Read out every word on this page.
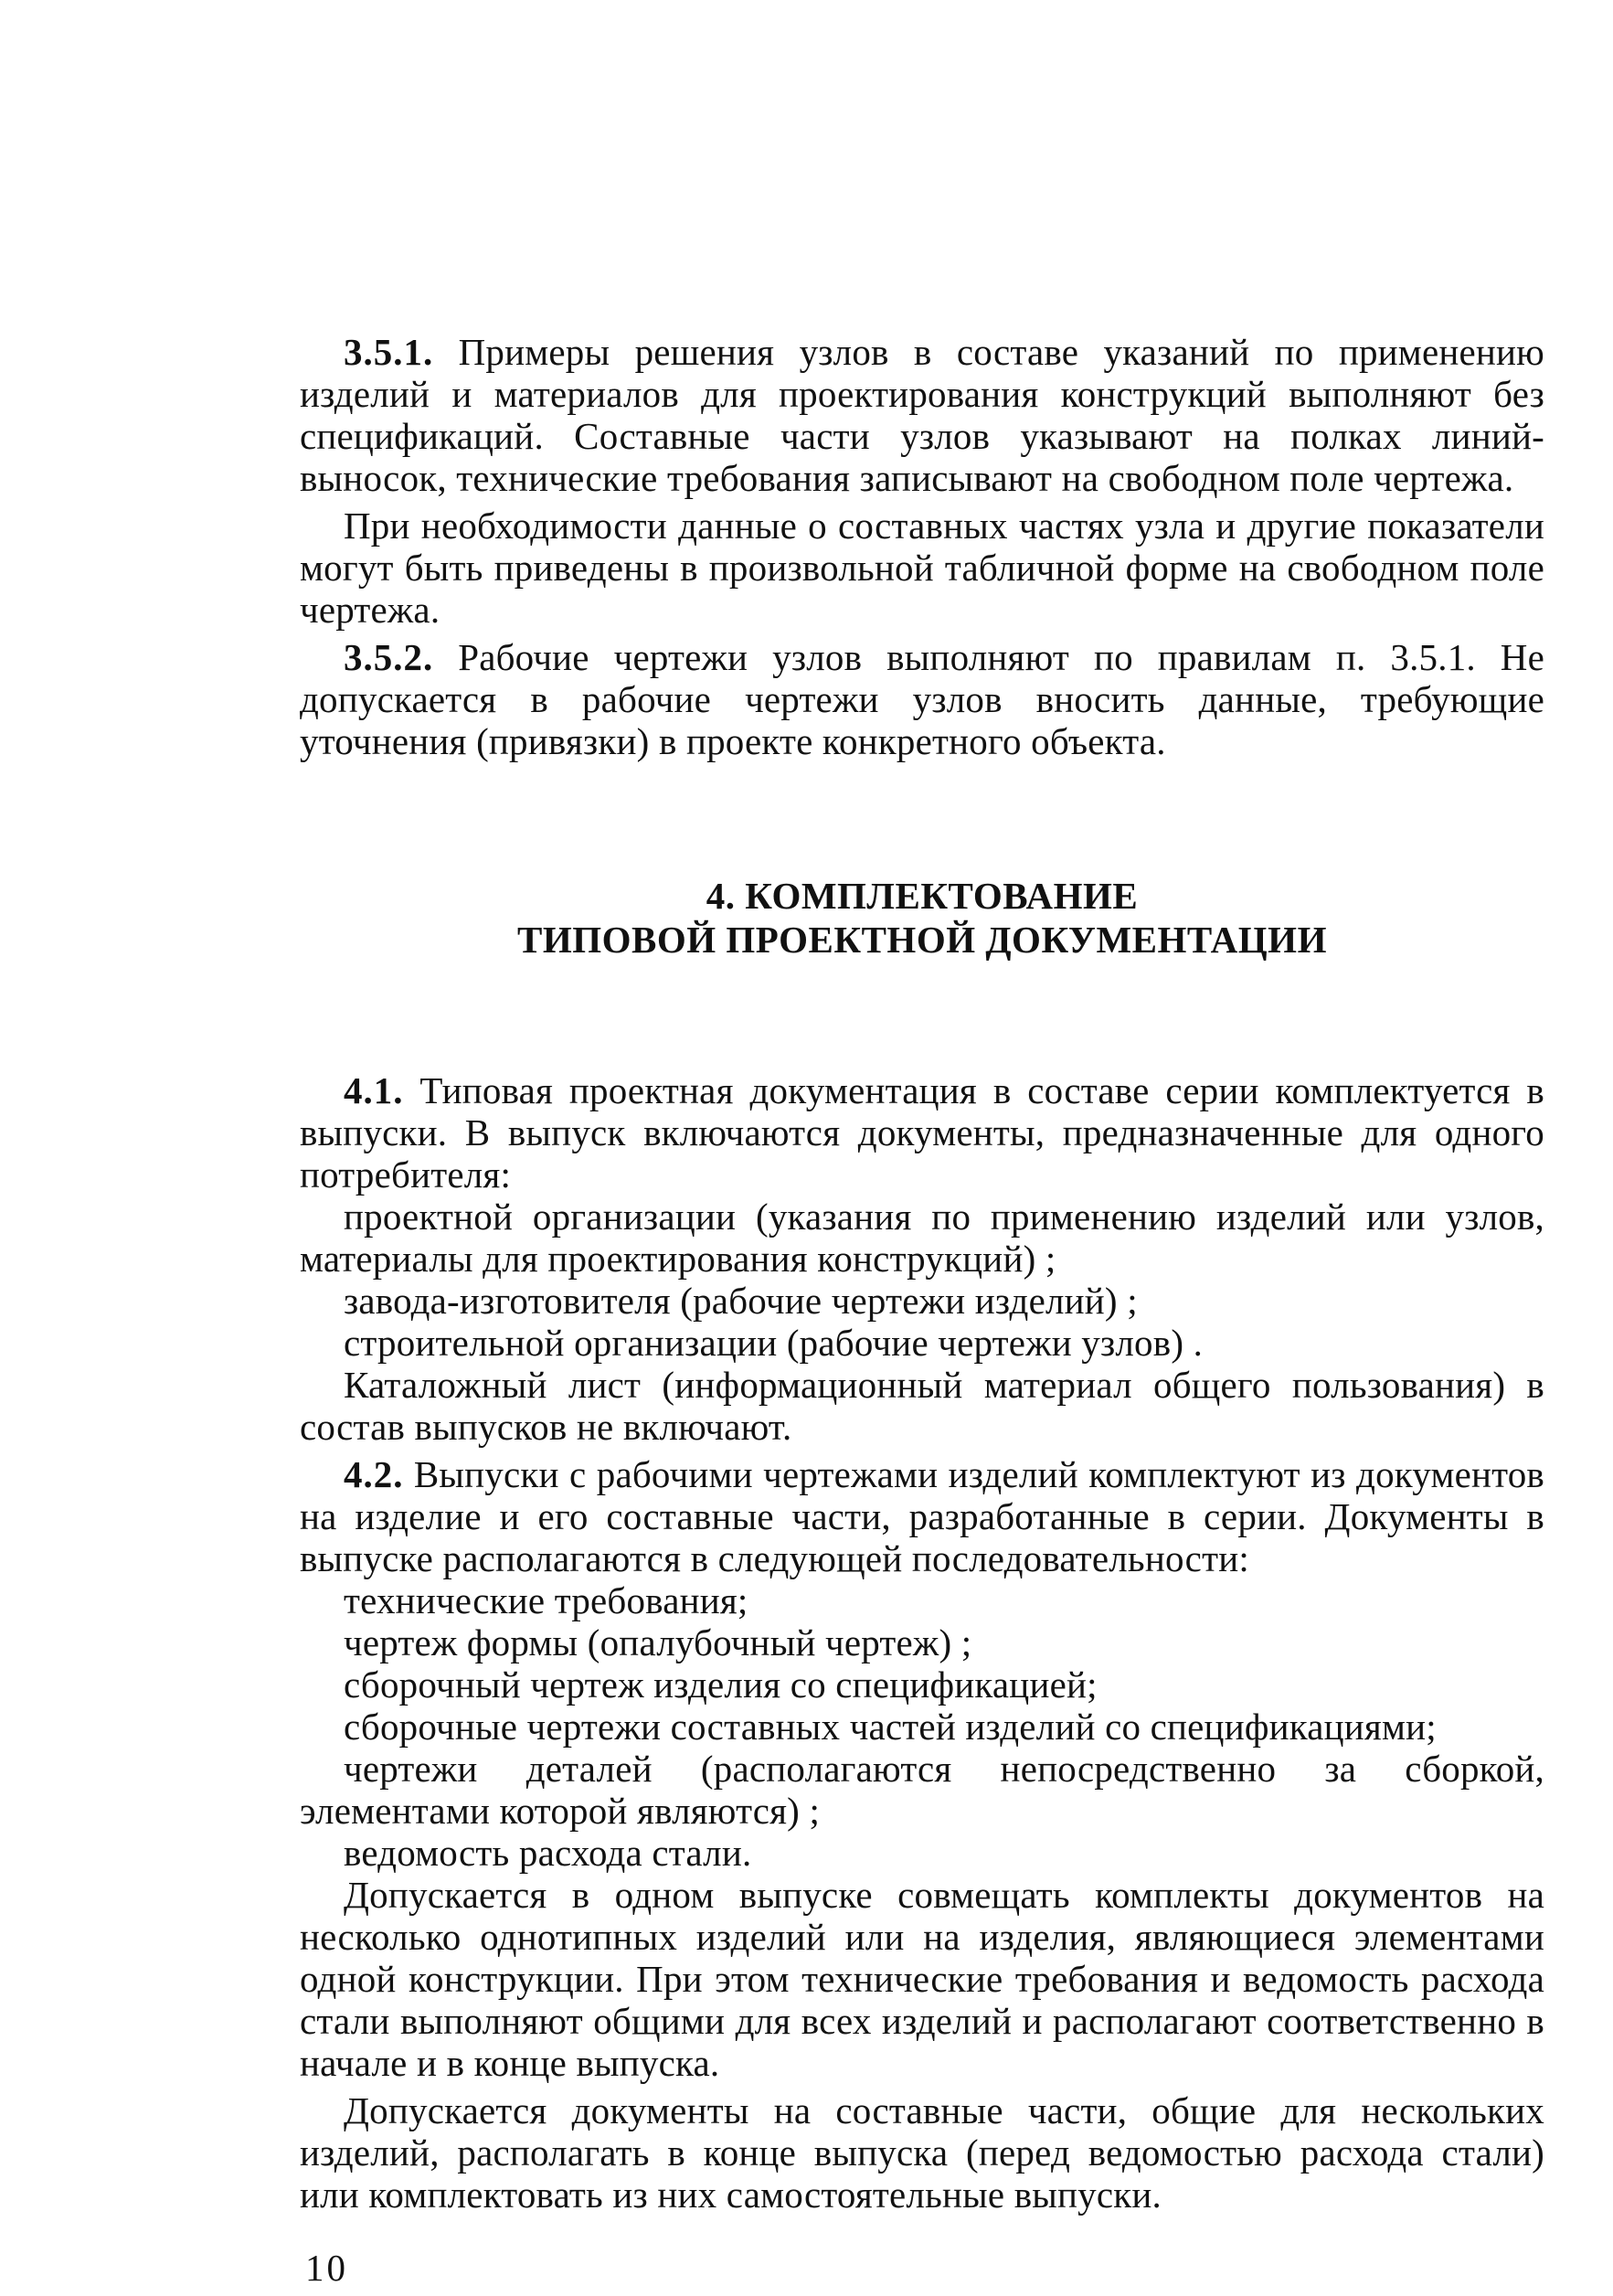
3.5.1. Примеры решения узлов в составе указаний по применению изделий и материалов для проектирования конструкций выполняют без спецификаций. Составные части узлов указывают на полках линий-выносок, технические требования записывают на свободном поле чертежа.

При необходимости данные о составных частях узла и другие показатели могут быть приведены в произвольной табличной форме на свободном поле чертежа.

3.5.2. Рабочие чертежи узлов выполняют по правилам п. 3.5.1. Не допускается в рабочие чертежи узлов вносить данные, требующие уточнения (привязки) в проекте конкретного объекта.

4. КОМПЛЕКТОВАНИЕ

ТИПОВОЙ ПРОЕКТНОЙ ДОКУМЕНТАЦИИ

4.1. Типовая проектная документация в составе серии комплектуется в выпуски. В выпуск включаются документы, предназначенные для одного потребителя:

проектной организации (указания по применению изделий или узлов, материалы для проектирования конструкций) ;

завода-изготовителя (рабочие чертежи изделий) ;

строительной организации (рабочие чертежи узлов) .

Каталожный лист (информационный материал общего пользования) в состав выпусков не включают.

4.2. Выпуски с рабочими чертежами изделий комплектуют из документов на изделие и его составные части, разработанные в серии. Документы в выпуске располагаются в следующей последовательности:

технические требования;

чертеж формы (опалубочный чертеж) ;

сборочный чертеж изделия со спецификацией;

сборочные чертежи составных частей изделий со спецификациями;

чертежи деталей (располагаются непосредственно за сборкой, элементами которой являются) ;

ведомость расхода стали.

Допускается в одном выпуске совмещать комплекты документов на несколько однотипных изделий или на изделия, являющиеся элементами одной конструкции. При этом технические требования и ведомость расхода стали выполняют общими для всех изделий и располагают соответственно в начале и в конце выпуска.

Допускается документы на составные части, общие для нескольких изделий, располагать в конце выпуска (перед ведомостью расхода стали) или комплектовать из них самостоятельные выпуски.

10
